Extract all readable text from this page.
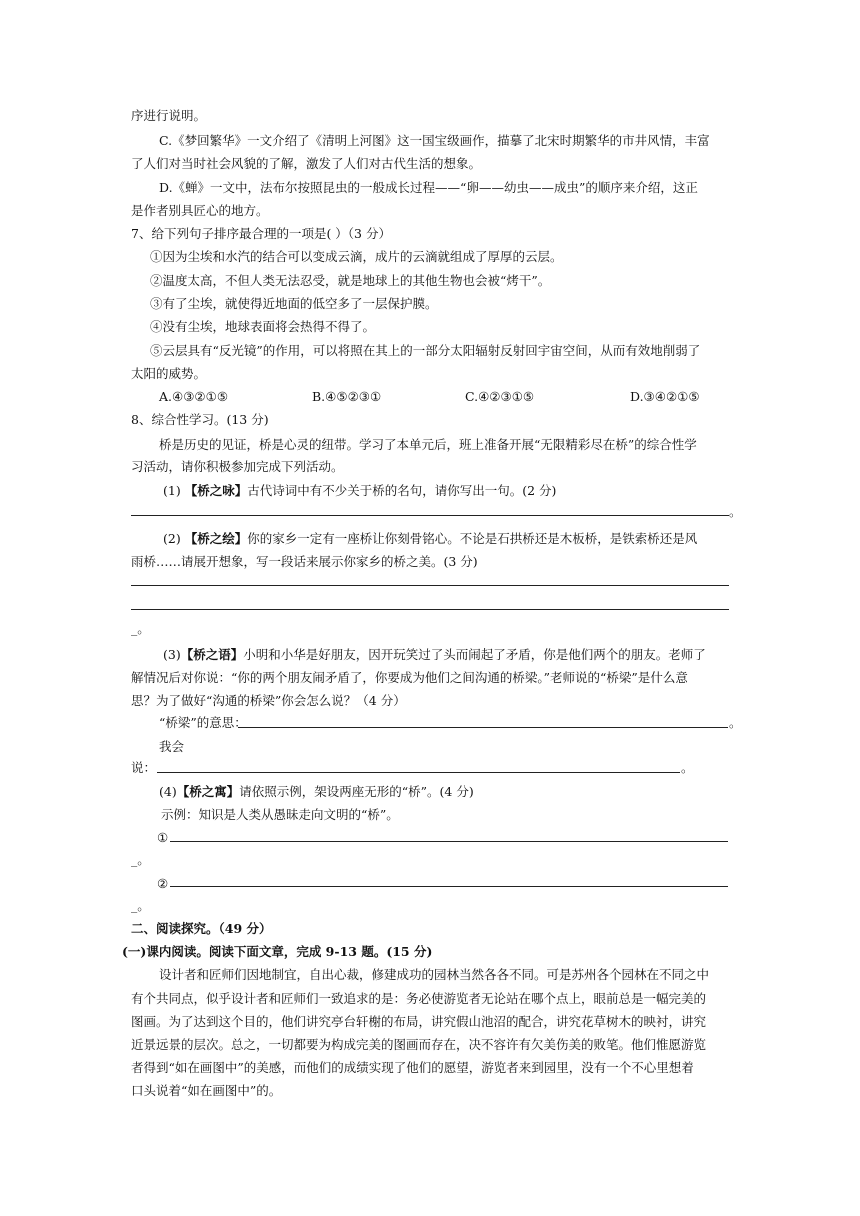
序进行说明。
C.《梦回繁华》一文介绍了《清明上河图》这一国宝级画作，描摹了北宋时期繁华的市井风情，丰富
了人们对当时社会风貌的了解，激发了人们对古代生活的想象。
D.《蝉》一文中，法布尔按照昆虫的一般成长过程——“卵——幼虫——成虫”的顺序来介绍，这正
是作者别具匠心的地方。
7、给下列句子排序最合理的一项是( ）（3 分）
①因为尘埃和水汽的结合可以变成云滴，成片的云滴就组成了厚厚的云层。
②温度太高，不但人类无法忍受，就是地球上的其他生物也会被“烤干”。
③有了尘埃，就使得近地面的低空多了一层保护膜。
④没有尘埃，地球表面将会热得不得了。
⑤云层具有“反光镜”的作用，可以将照在其上的一部分太阳辐射反射回宇宙空间，从而有效地削弱了
太阳的威势。
A.④③②①⑤	B.④⑤②③①	C.④②③①⑤	D.③④②①⑤
8、综合性学习。(13 分)
桥是历史的见证，桥是心灵的纽带。学习了本单元后，班上准备开展“无限精彩尽在桥”的综合性学
习活动，请你积极参加完成下列活动。
(1) 【桥之咏】古代诗词中有不少关于桥的名句，请你写出一句。(2 分)
。
(2) 【桥之绘】你的家乡一定有一座桥让你刻骨铭心。不论是石拱桥还是木板桥，是铁索桥还是风
雨桥……请展开想象，写一段话来展示你家乡的桥之美。(3 分)
_。
(3)【桥之语】小明和小华是好朋友，因开玩笑过了头而闹起了矛盾，你是他们两个的朋友。老师了
解情况后对你说：“你的两个朋友闹矛盾了，你要成为他们之间沟通的桥梁。”老师说的“桥梁”是什么意
思？为了做好“沟通的桥梁”你会怎么说？（4 分）
“桥梁”的意思：	。
我会
说：	。
(4)【桥之寓】请依照示例，架设两座无形的“桥”。(4 分)
示例：知识是人类从愚昧走向文明的“桥”。
①
_。
②
_。
二、阅读探究。（49 分）
(一)课内阅读。阅读下面文章，完成 9-13 题。(15 分)
设计者和匠师们因地制宜，自出心裁，修建成功的园林当然各各不同。可是苏州各个园林在不同之中
有个共同点，似乎设计者和匠师们一致追求的是：务必使游览者无论站在哪个点上，眼前总是一幅完美的
图画。为了达到这个目的，他们讲究亭台轩榭的布局，讲究假山池沼的配合，讲究花草树木的映衬，讲究
近景远景的层次。总之，一切都要为构成完美的图画而存在，决不容许有欠美伤美的败笔。他们惟愿游览
者得到“如在画图中”的美感，而他们的成绩实现了他们的愿望，游览者来到园里，没有一个不心里想着
口头说着“如在画图中”的。
